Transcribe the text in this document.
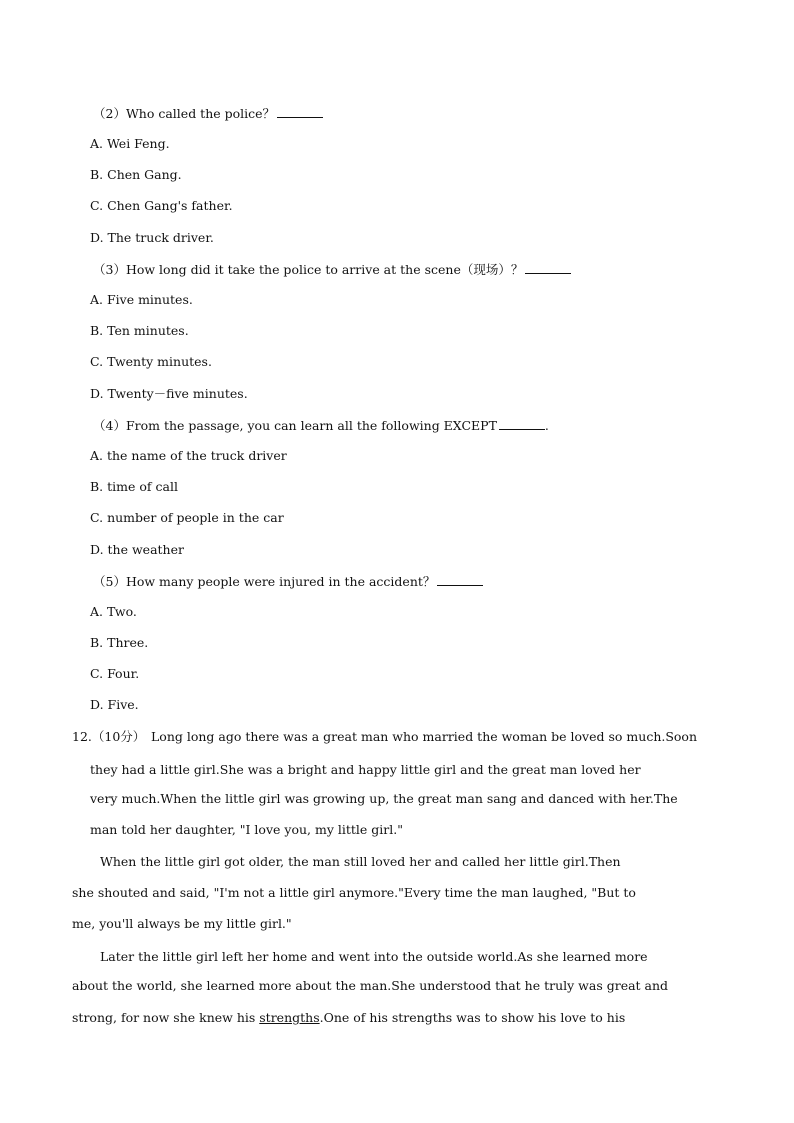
（2）Who called the police？
A. Wei Feng.
B. Chen Gang.
C. Chen Gang's father.
D. The truck driver.
（3）How long did it take the police to arrive at the scene（现场）？
A. Five minutes.
B. Ten minutes.
C. Twenty minutes.
D. Twenty－five minutes.
（4）From the passage, you can learn all the following EXCEPT	.
A. the name of the truck driver
B. time of call
C. number of people in the car
D. the weather
（5）How many people were injured in the accident？
A. Two.
B. Three.
C. Four.
D. Five.
12.（10分） Long long ago there was a great man who married the woman be loved so much.Soon
they had a little girl.She was a bright and happy little girl and the great man loved her
very much.When the little girl was growing up, the great man sang and danced with her.The
man told her daughter, "I love you, my little girl."
When the little girl got older, the man still loved her and called her little girl.Then
she shouted and said, "I'm not a little girl anymore."Every time the man laughed, "But to
me, you'll always be my little girl."
Later the little girl left her home and went into the outside world.As she learned more
about the world, she learned more about the man.She understood that he truly was great and
strong, for now she knew his strengths.One of his strengths was to show his love to his
